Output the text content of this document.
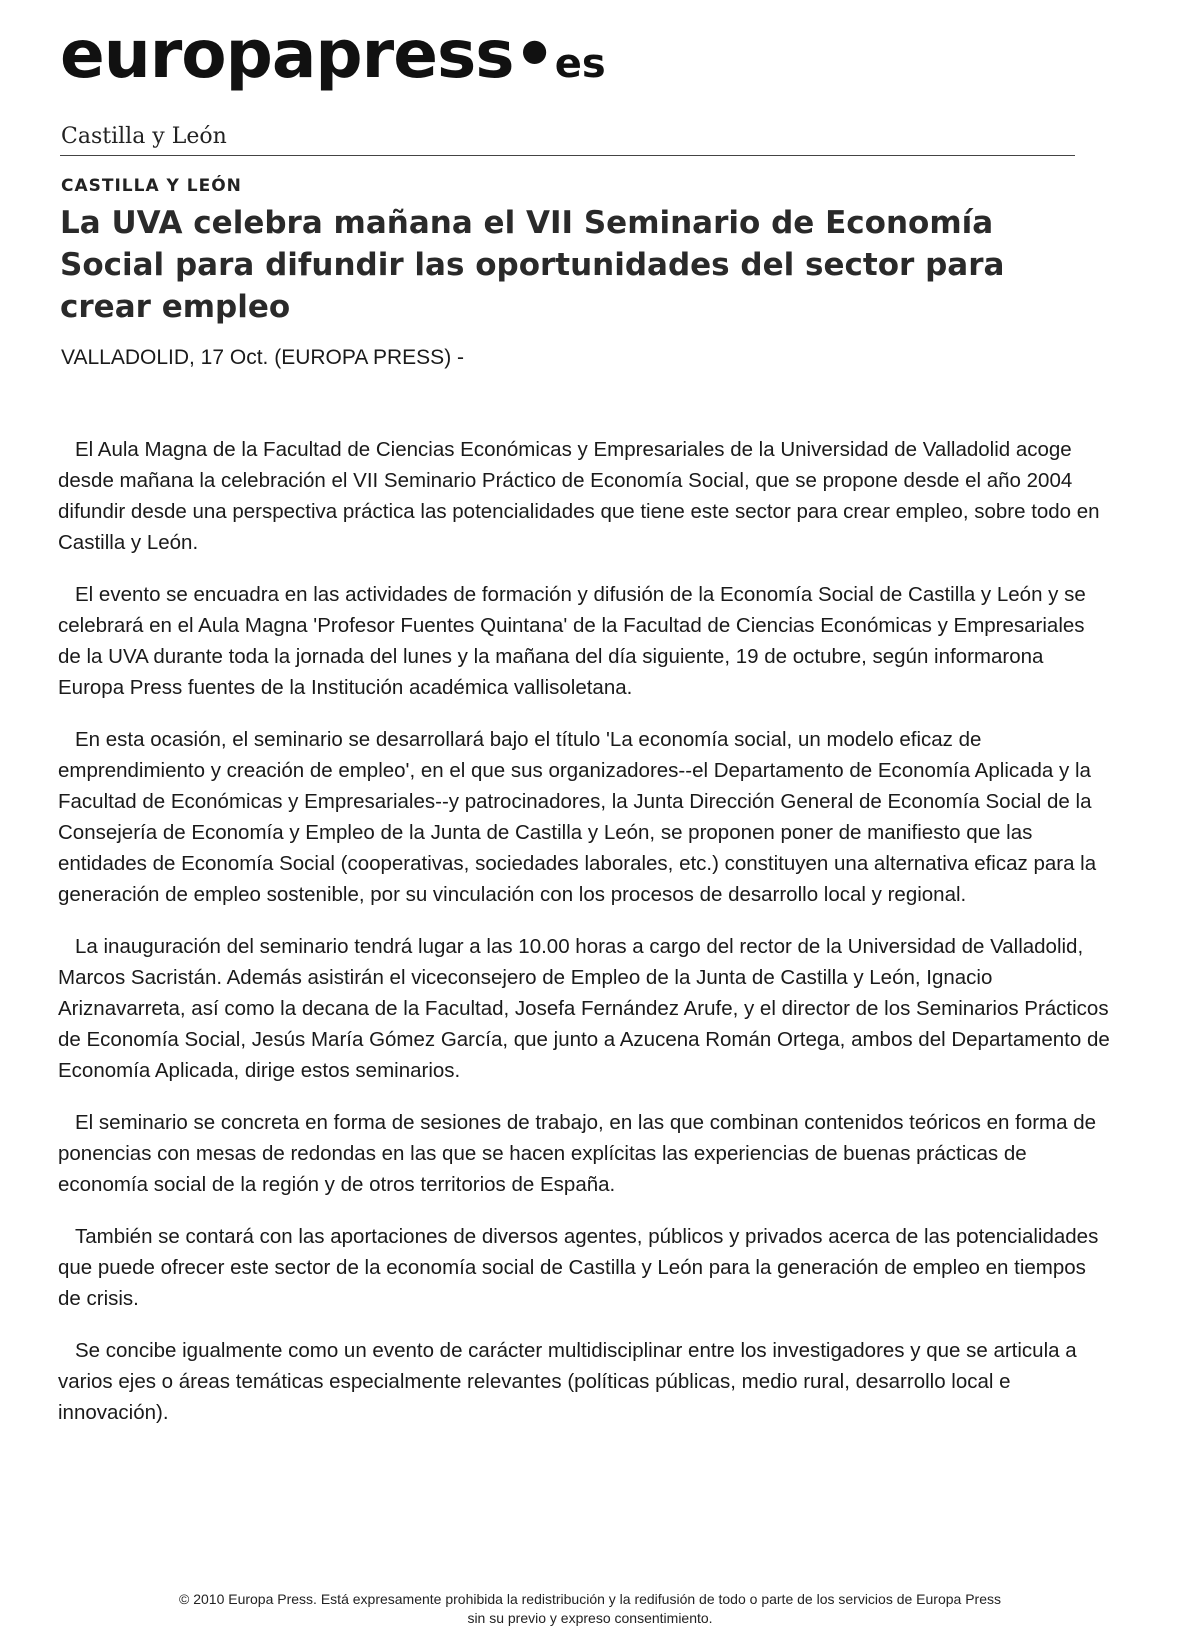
europapress•es
Castilla y León
CASTILLA Y LEÓN
La UVA celebra mañana el VII Seminario de Economía Social para difundir las oportunidades del sector para crear empleo
VALLADOLID, 17 Oct. (EUROPA PRESS) -

El Aula Magna de la Facultad de Ciencias Económicas y Empresariales de la Universidad de Valladolid acoge desde mañana la celebración el VII Seminario Práctico de Economía Social, que se propone desde el año 2004 difundir desde una perspectiva práctica las potencialidades que tiene este sector para crear empleo, sobre todo en Castilla y León.

El evento se encuadra en las actividades de formación y difusión de la Economía Social de Castilla y León y se celebrará en el Aula Magna 'Profesor Fuentes Quintana' de la Facultad de Ciencias Económicas y Empresariales de la UVA durante toda la jornada del lunes y la mañana del día siguiente, 19 de octubre, según informarona Europa Press fuentes de la Institución académica vallisoletana.

En esta ocasión, el seminario se desarrollará bajo el título 'La economía social, un modelo eficaz de emprendimiento y creación de empleo', en el que sus organizadores--el Departamento de Economía Aplicada y la Facultad de Económicas y Empresariales--y patrocinadores, la Junta Dirección General de Economía Social de la Consejería de Economía y Empleo de la Junta de Castilla y León, se proponen poner de manifiesto que las entidades de Economía Social (cooperativas, sociedades laborales, etc.) constituyen una alternativa eficaz para la generación de empleo sostenible, por su vinculación con los procesos de desarrollo local y regional.

La inauguración del seminario tendrá lugar a las 10.00 horas a cargo del rector de la Universidad de Valladolid, Marcos Sacristán. Además asistirán el viceconsejero de Empleo de la Junta de Castilla y León, Ignacio Ariznavarreta, así como la decana de la Facultad, Josefa Fernández Arufe, y el director de los Seminarios Prácticos de Economía Social, Jesús María Gómez García, que junto a Azucena Román Ortega, ambos del Departamento de Economía Aplicada, dirige estos seminarios.

El seminario se concreta en forma de sesiones de trabajo, en las que combinan contenidos teóricos en forma de ponencias con mesas de redondas en las que se hacen explícitas las experiencias de buenas prácticas de economía social de la región y de otros territorios de España.

También se contará con las aportaciones de diversos agentes, públicos y privados acerca de las potencialidades que puede ofrecer este sector de la economía social de Castilla y León para la generación de empleo en tiempos de crisis.

Se concibe igualmente como un evento de carácter multidisciplinar entre los investigadores y que se articula a varios ejes o áreas temáticas especialmente relevantes (políticas públicas, medio rural, desarrollo local e innovación).

© 2010 Europa Press. Está expresamente prohibida la redistribución y la redifusión de todo o parte de los servicios de Europa Press
sin su previo y expreso consentimiento.
